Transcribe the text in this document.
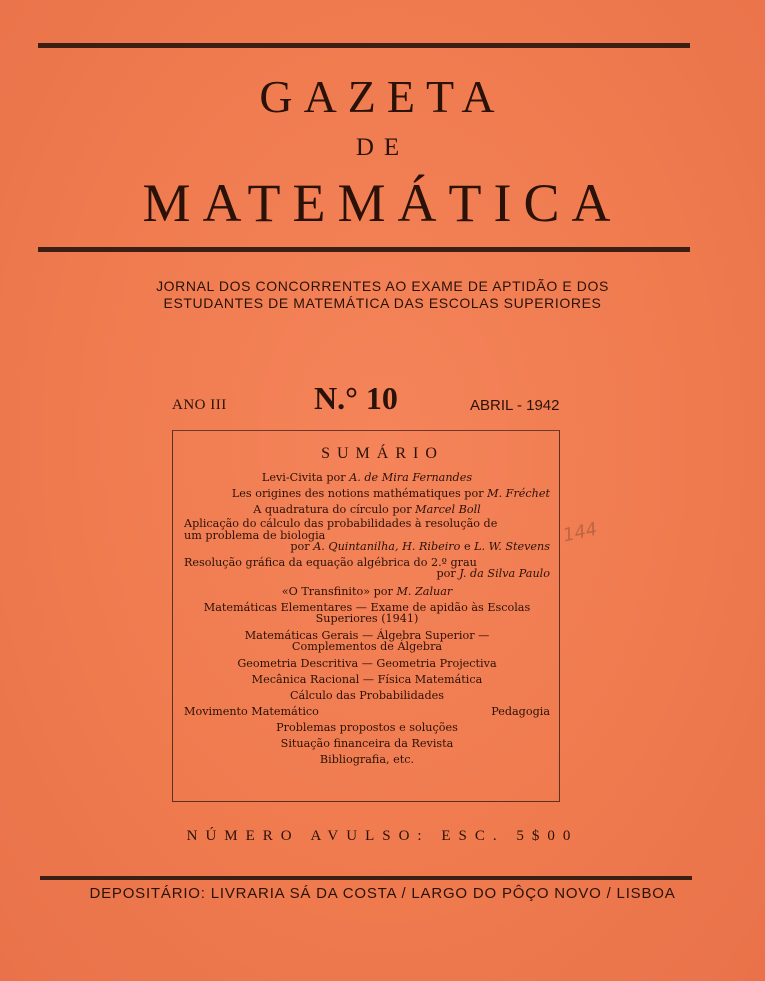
GAZETA
DE
MATEMÁTICA
JORNAL DOS CONCORRENTES AO EXAME DE APTIDÃO E DOS
ESTUDANTES DE MATEMÁTICA DAS ESCOLAS SUPERIORES
ANO III	N.° 10	ABRIL - 1942
SUMÁRIO
Levi-Civita por A. de Mira Fernandes
Les origines des notions mathématiques por M. Fréchet
A quadratura do círculo por Marcel Boll
Aplicação do cálculo das probabilidades à resolução de
um problema de biologia
por A. Quintanilha, H. Ribeiro e L. W. Stevens
Resolução gráfica da equação algébrica do 2.º grau
por J. da Silva Paulo
«O Transfinito» por M. Zaluar
Matemáticas Elementares — Exame de apidão às Escolas
Superiores (1941)
Matemáticas Gerais — Álgebra Superior —
Complementos de Álgebra
Geometria Descritiva — Geometria Projectiva
Mecânica Racional — Física Matemática
Cálculo das Probabilidades
Movimento Matemático	Pedagogia
Problemas propostos e soluções
Situação financeira da Revista
Bibliografia, etc.
144
NÚMERO AVULSO: ESC. 5$00
DEPOSITÁRIO: LIVRARIA SÁ DA COSTA / LARGO DO PÔÇO NOVO / LISBOA
